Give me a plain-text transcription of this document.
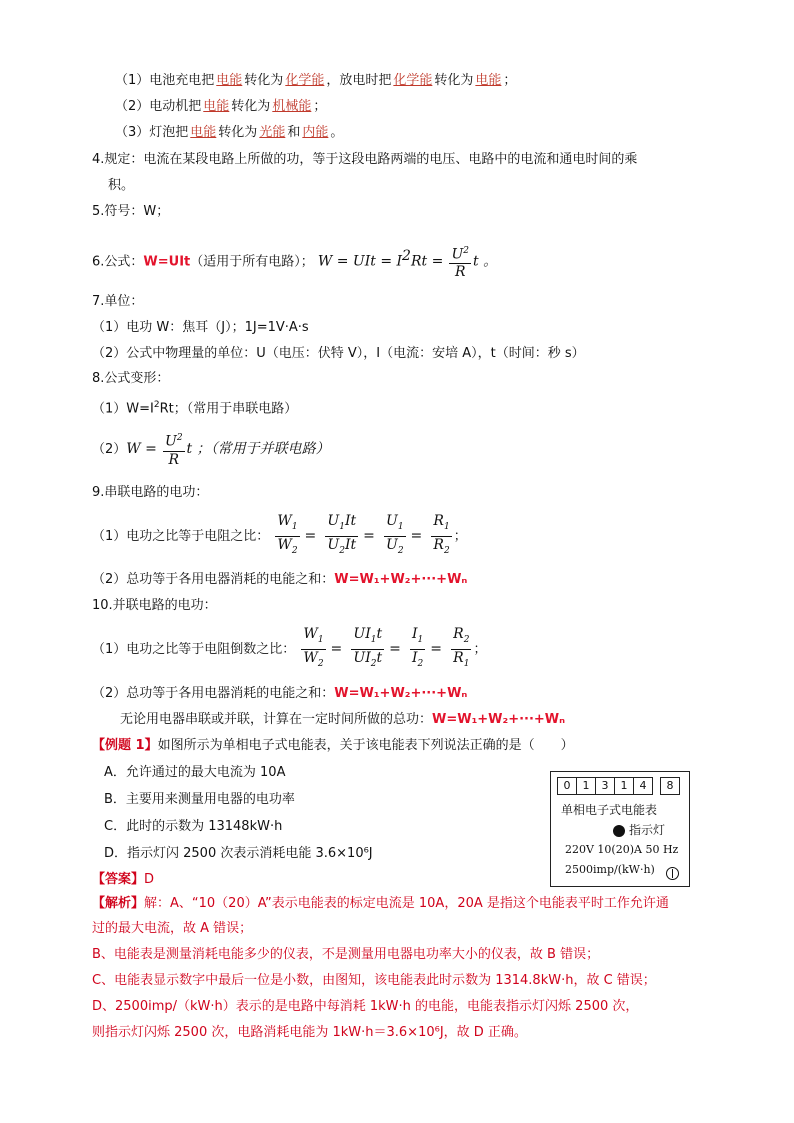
（1）电池充电把 电能 转化为 化学能 ，放电时把 化学能 转化为 电能 ；
（2）电动机把 电能 转化为 机械能 ；
（3）灯泡把 电能 转化为 光能 和 内能 。
4.规定：电流在某段电路上所做的功，等于这段电路两端的电压、电路中的电流和通电时间的乘
积。
5.符号：W；
6.公式：W=UIt（适用于所有电路）； W = UIt = $I^2Rt = \frac{U^2}{R}$ t 。
7.单位：
（1）电功 W：焦耳（J）；1J=1V·A·s
（2）公式中物理量的单位：U（电压：伏特 V），I（电流：安培 A），t（时间：秒 s）
8.公式变形：
$(1)W=I^2Rt$；（常用于串联电路）
$(2)W = \frac{U^2}{R}$ t ；（常用于并联电路）
9.串联电路的电功：
（1）电功之比等于电阻之比： $\frac{W_1}{W_2} = \frac{U_1It}{U_2It} = \frac{U_1}{U_2} = \frac{R_1}{R_2}$ ；
（2）总功等于各用电器消耗的电能之和：W=W₁+W₂+···+Wₙ
10.并联电路的电功：
（1）电功之比等于电阻倒数之比： $\frac{W_1}{W_2} = \frac{UI_1t}{UI_2t} = \frac{I_1}{I_2} = \frac{R_2}{R_1}$ ；
（2）总功等于各用电器消耗的电能之和：W=W₁+W₂+···+Wₙ
无论用电器串联或并联，计算在一定时间所做的总功：W=W₁+W₂+···+Wₙ
【例题 1】如图所示为单相电子式电能表，关于该电能表下列说法正确的是（　　）
A．允许通过的最大电流为 10A
B．主要用来测量用电器的电功率
C．此时的示数为 13148kW·h
D．指示灯闪 2500 次表示消耗电能 3.6×10⁶J
0	1	3	1	4	8
单相电子式电能表
指示灯
220V 10(20)A 50 Hz
2500imp/(kW·h)
【答案】D
【解析】解：A、“10（20）A”表示电能表的标定电流是 10A，20A 是指这个电能表平时工作允许通
过的最大电流，故 A 错误；
B、电能表是测量消耗电能多少的仪表，不是测量用电器电功率大小的仪表，故 B 错误；
C、电能表显示数字中最后一位是小数，由图知，该电能表此时示数为 1314.8kW·h，故 C 错误；
D、2500imp/（kW·h）表示的是电路中每消耗 1kW·h 的电能，电能表指示灯闪烁 2500 次，
则指示灯闪烁 2500 次，电路消耗电能为 1kW·h＝3.6×10⁶J，故 D 正确。
